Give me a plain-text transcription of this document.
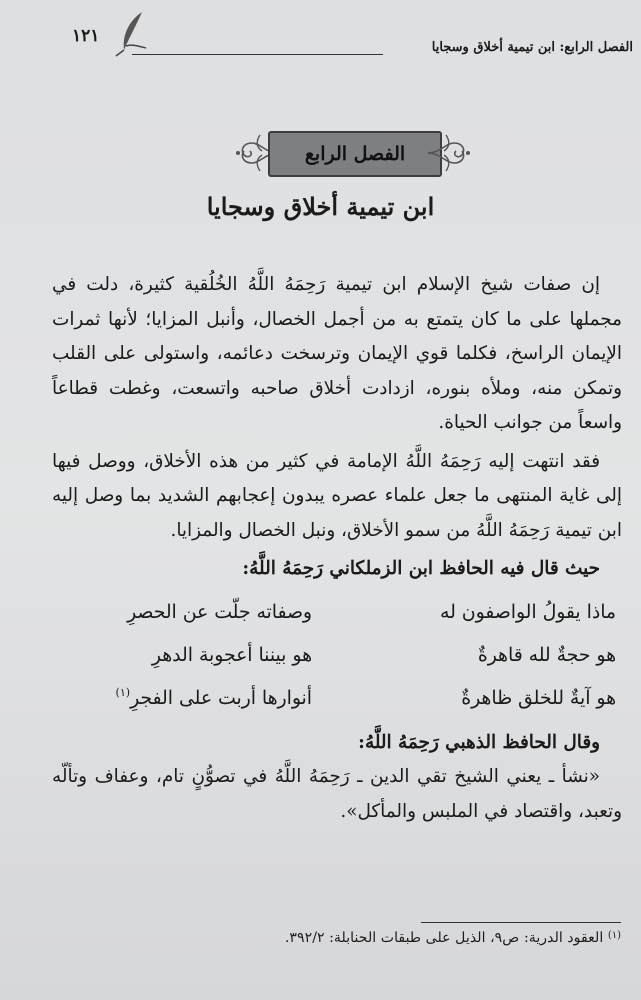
الفصل الرابع: ابن تيمية أخلاق وسجايا
١٢١
الفصل الرابع
ابن تيمية أخلاق وسجايا

إن صفات شيخ الإسلام ابن تيمية رَحِمَهُ اللَّهُ الخُلُقية كثيرة، دلت في مجملها على ما كان يتمتع به من أجمل الخصال، وأنبل المزايا؛ لأنها ثمرات الإيمان الراسخ، فكلما قوي الإيمان وترسخت دعائمه، واستولى على القلب وتمكن منه، وملأه بنوره، ازدادت أخلاق صاحبه واتسعت، وغطت قطاعاً واسعاً من جوانب الحياة.

فقد انتهت إليه رَحِمَهُ اللَّهُ الإمامة في كثير من هذه الأخلاق، ووصل فيها إلى غاية المنتهى ما جعل علماء عصره يبدون إعجابهم الشديد بما وصل إليه ابن تيمية رَحِمَهُ اللَّهُ من سمو الأخلاق، ونبل الخصال والمزايا.

حيث قال فيه الحافظ ابن الزملكاني رَحِمَهُ اللَّهُ:

ماذا يقولُ الواصفون له
وصفاته جلّت عن الحصرِ
هو حجةٌ لله قاهرةٌ
هو بيننا أعجوبة الدهرِ
هو آيةٌ للخلق ظاهرةٌ
أنوارها أربت على الفجرِ$^{(١)}$

وقال الحافظ الذهبي رَحِمَهُ اللَّهُ:

«نشأ ـ يعني الشيخ تقي الدين ـ رَحِمَهُ اللَّهُ في تصوُّنٍ تام، وعفاف وتألّه وتعبد، واقتصاد في الملبس والمأكل».

$^{(١)}$ العقود الدرية: ص٩، الذيل على طبقات الحنابلة: ٣٩٢/٢.
